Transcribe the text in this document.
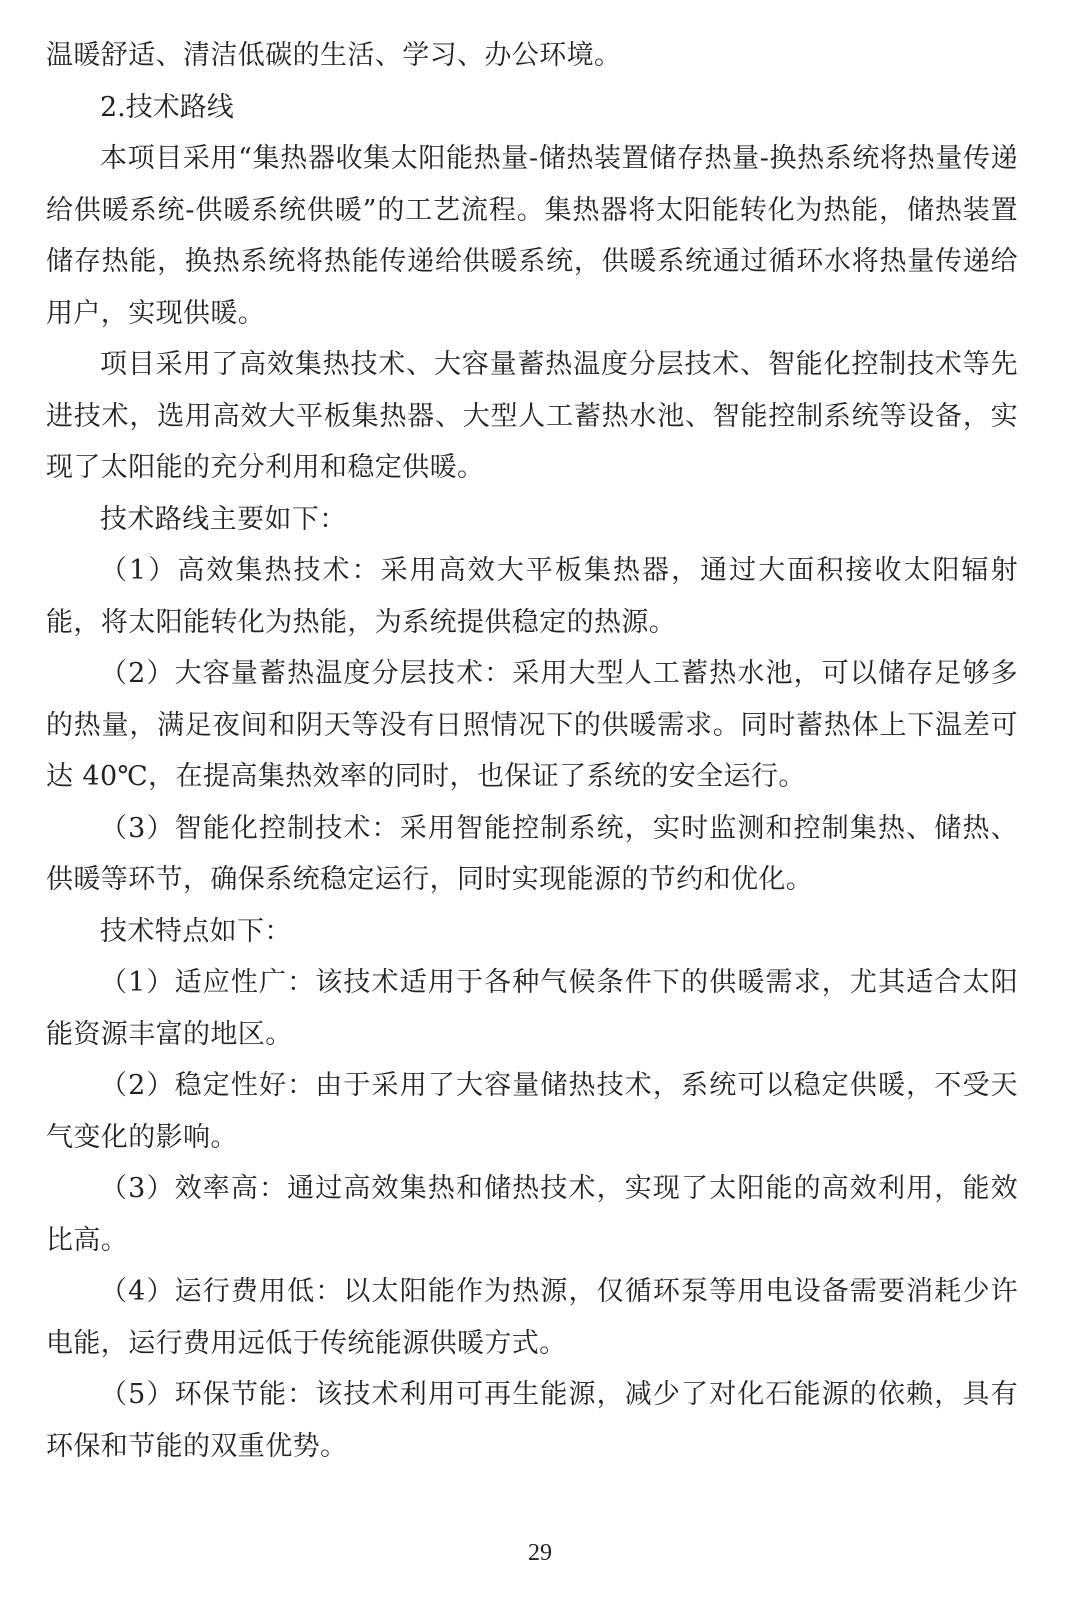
温暖舒适、清洁低碳的生活、学习、办公环境。

2.技术路线

本项目采用“集热器收集太阳能热量-储热装置储存热量-换热系统将热量传递给供暖系统-供暖系统供暖”的工艺流程。集热器将太阳能转化为热能，储热装置储存热能，换热系统将热能传递给供暖系统，供暖系统通过循环水将热量传递给用户，实现供暖。

项目采用了高效集热技术、大容量蓄热温度分层技术、智能化控制技术等先进技术，选用高效大平板集热器、大型人工蓄热水池、智能控制系统等设备，实现了太阳能的充分利用和稳定供暖。

技术路线主要如下：

（1）高效集热技术：采用高效大平板集热器，通过大面积接收太阳辐射能，将太阳能转化为热能，为系统提供稳定的热源。

（2）大容量蓄热温度分层技术：采用大型人工蓄热水池，可以储存足够多的热量，满足夜间和阴天等没有日照情况下的供暖需求。同时蓄热体上下温差可达 40℃，在提高集热效率的同时，也保证了系统的安全运行。

（3）智能化控制技术：采用智能控制系统，实时监测和控制集热、储热、供暖等环节，确保系统稳定运行，同时实现能源的节约和优化。

技术特点如下：

（1）适应性广：该技术适用于各种气候条件下的供暖需求，尤其适合太阳能资源丰富的地区。

（2）稳定性好：由于采用了大容量储热技术，系统可以稳定供暖，不受天气变化的影响。

（3）效率高：通过高效集热和储热技术，实现了太阳能的高效利用，能效比高。

（4）运行费用低：以太阳能作为热源，仅循环泵等用电设备需要消耗少许电能，运行费用远低于传统能源供暖方式。

（5）环保节能：该技术利用可再生能源，减少了对化石能源的依赖，具有环保和节能的双重优势。

29
